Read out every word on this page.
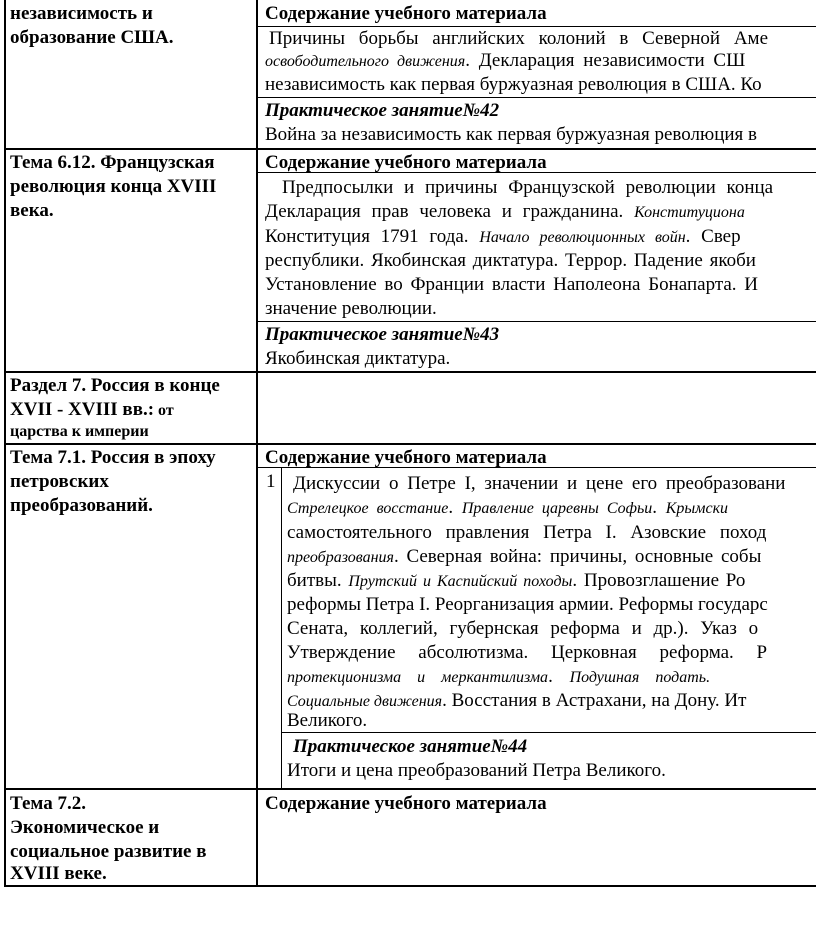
независимость и
образование США.
Содержание учебного материала
Причины борьбы английских колоний в Северной Аме
освободительного движения. Декларация независимости СШ
независимость как первая буржуазная революция в США. Ко
Практическое занятие№42
Война за независимость как первая буржуазная революция в
Тема 6.12. Французская
революция конца XVIII
века.
Содержание учебного материала
Предпосылки и причины Французской революции конца
Декларация прав человека и гражданина. Конституциона
Конституция 1791 года. Начало революционных войн. Свер
республики. Якобинская диктатура. Террор. Падение якоби
Установление во Франции власти Наполеона Бонапарта. И
значение революции.
Практическое занятие№43
Якобинская диктатура.
Раздел 7. Россия в конце
XVII - XVIII вв.: от
царства к империи
Тема 7.1. Россия в эпоху
петровских
преобразований.
Содержание учебного материала
1 Дискуссии о Петре I, значении и цене его преобразовани
Стрелецкое восстание. Правление царевны Софьи. Крымски
самостоятельного правления Петра I. Азовские поход
преобразования. Северная война: причины, основные собы
битвы. Прутский и Каспийский походы. Провозглашение Ро
реформы Петра I. Реорганизация армии. Реформы государс
Сената, коллегий, губернская реформа и др.). Указ о
Утверждение абсолютизма. Церковная реформа. Р
протекционизма и меркантилизма. Подушная подать.
Социальные движения. Восстания в Астрахани, на Дону. Ит
Великого.
Практическое занятие№44
Итоги и цена преобразований Петра Великого.
Тема 7.2.
Экономическое и
социальное развитие в
XVIII веке.
Содержание учебного материала
